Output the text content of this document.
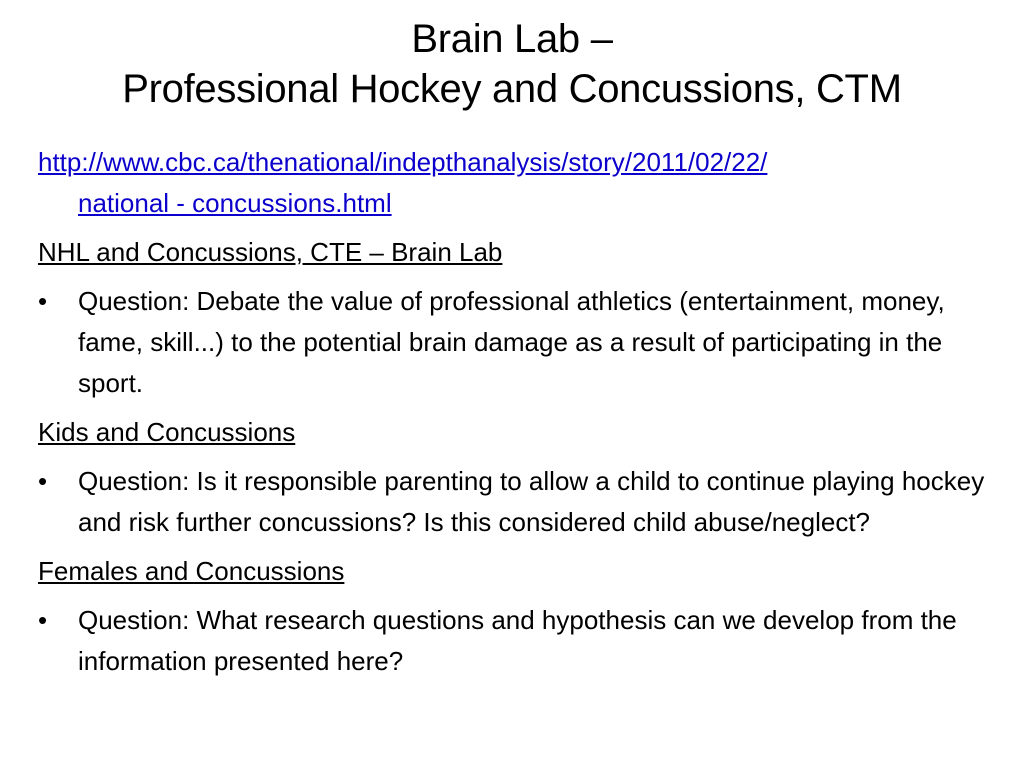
Brain Lab –
Professional Hockey and Concussions, CTM

http://www.cbc.ca/thenational/indepthanalysis/story/2011/02/22/
national - concussions.html

NHL and Concussions, CTE – Brain Lab

•	Question: Debate the value of professional athletics (entertainment, money, fame, skill...) to the potential brain damage as a result of participating in the sport.

Kids and Concussions

•	Question: Is it responsible parenting to allow a child to continue playing hockey and risk further concussions? Is this considered child abuse/neglect?

Females and Concussions

•	Question: What research questions and hypothesis can we develop from the information presented here?
